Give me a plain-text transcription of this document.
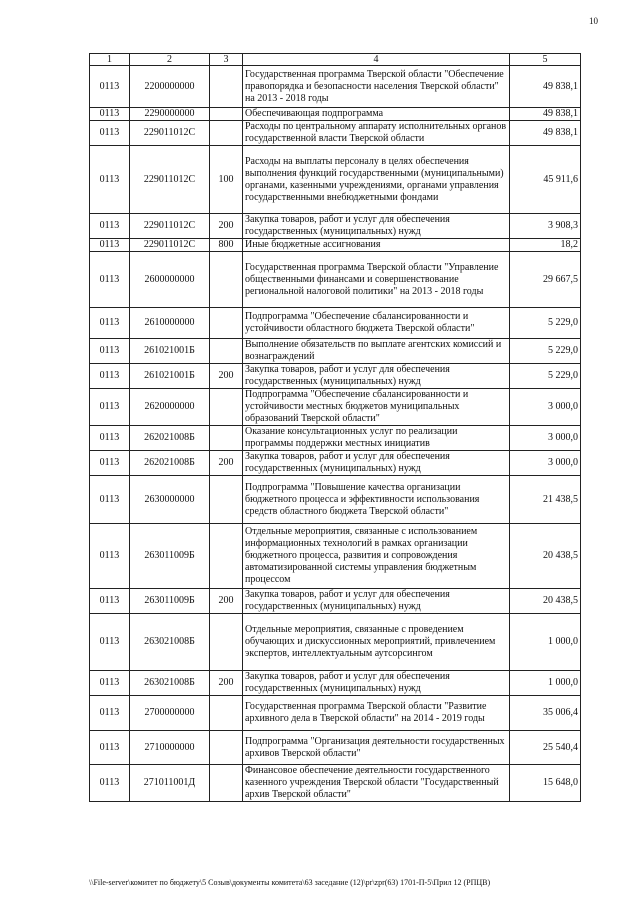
10
1	2	3	4	5
0113	2200000000		Государственная программа Тверской области "Обеспечение правопорядка и безопасности населения Тверской области" на 2013 - 2018 годы	49 838,1
0113	2290000000		Обеспечивающая подпрограмма	49 838,1
0113	229011012С		Расходы по центральному аппарату исполнительных органов государственной власти Тверской области	49 838,1
0113	229011012С	100	Расходы на выплаты персоналу в целях обеспечения выполнения функций государственными (муниципальными) органами, казенными учреждениями, органами управления государственными внебюджетными фондами	45 911,6
0113	229011012С	200	Закупка товаров, работ и услуг для обеспечения государственных (муниципальных) нужд	3 908,3
0113	229011012С	800	Иные бюджетные ассигнования	18,2
0113	2600000000		Государственная программа Тверской области "Управление общественными финансами и совершенствование региональной налоговой политики" на 2013 - 2018 годы	29 667,5
0113	2610000000		Подпрограмма "Обеспечение сбалансированности и устойчивости областного бюджета Тверской области"	5 229,0
0113	261021001Б		Выполнение обязательств по выплате агентских комиссий и вознаграждений	5 229,0
0113	261021001Б	200	Закупка товаров, работ и услуг для обеспечения государственных (муниципальных) нужд	5 229,0
0113	2620000000		Подпрограмма "Обеспечение сбалансированности и устойчивости местных бюджетов муниципальных образований Тверской области"	3 000,0
0113	262021008Б		Оказание консультационных услуг по реализации программы поддержки местных инициатив	3 000,0
0113	262021008Б	200	Закупка товаров, работ и услуг для обеспечения государственных (муниципальных) нужд	3 000,0
0113	2630000000		Подпрограмма "Повышение качества организации бюджетного процесса и эффективности использования средств областного бюджета Тверской области"	21 438,5
0113	263011009Б		Отдельные мероприятия, связанные с использованием информационных технологий в рамках организации бюджетного процесса, развития и сопровождения автоматизированной системы управления бюджетным процессом	20 438,5
0113	263011009Б	200	Закупка товаров, работ и услуг для обеспечения государственных (муниципальных) нужд	20 438,5
0113	263021008Б		Отдельные мероприятия, связанные с проведением обучающих и дискуссионных мероприятий, привлечением экспертов, интеллектуальным аутсорсингом	1 000,0
0113	263021008Б	200	Закупка товаров, работ и услуг для обеспечения государственных (муниципальных) нужд	1 000,0
0113	2700000000		Государственная программа Тверской области "Развитие архивного дела в Тверской области" на 2014 - 2019 годы	35 006,4
0113	2710000000		Подпрограмма "Организация деятельности государственных архивов Тверской области"	25 540,4
0113	271011001Д		Финансовое обеспечение деятельности государственного казенного учреждения Тверской области "Государственный архив Тверской области"	15 648,0
\\File-server\комитет по бюджету\5 Созыв\документы комитета\63 заседание (12)\pr\zpr(63) 1701-П-5\Прил 12 (РПЦВ)
